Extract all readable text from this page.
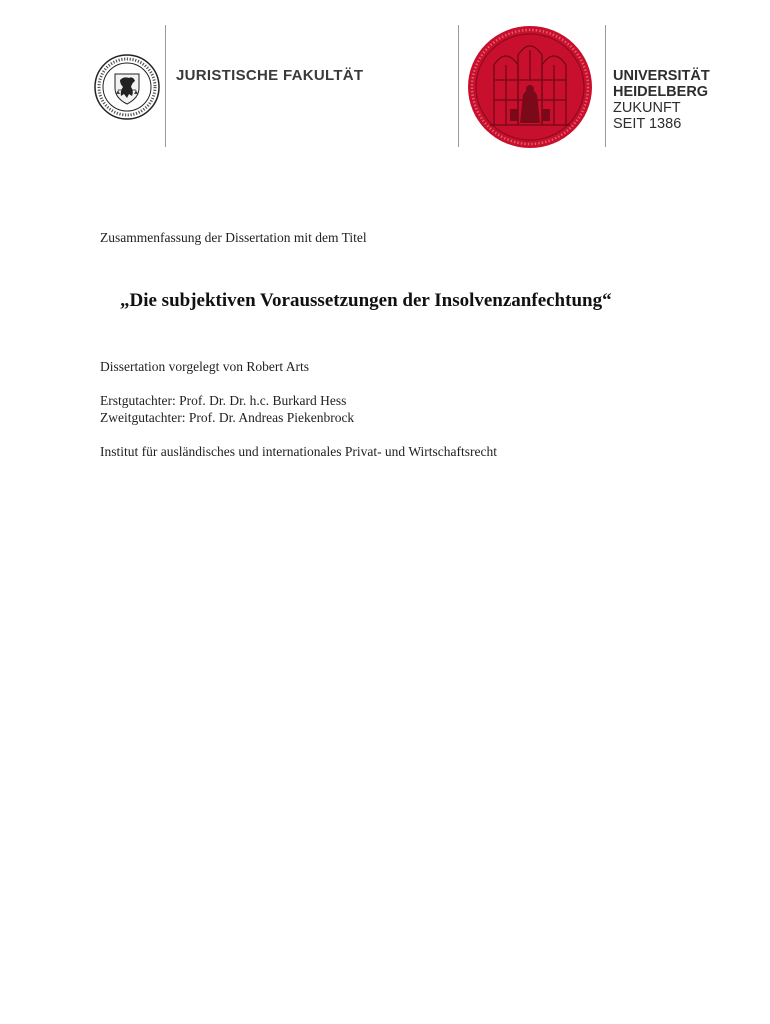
JURISTISCHE FAKULTÄT	UNIVERSITÄT
HEIDELBERG
ZUKUNFT
SEIT 1386
Zusammenfassung der Dissertation mit dem Titel
„Die subjektiven Voraussetzungen der Insolvenzanfechtung“
Dissertation vorgelegt von Robert Arts
Erstgutachter: Prof. Dr. Dr. h.c. Burkard Hess
Zweitgutachter: Prof. Dr. Andreas Piekenbrock
Institut für ausländisches und internationales Privat- und Wirtschaftsrecht
